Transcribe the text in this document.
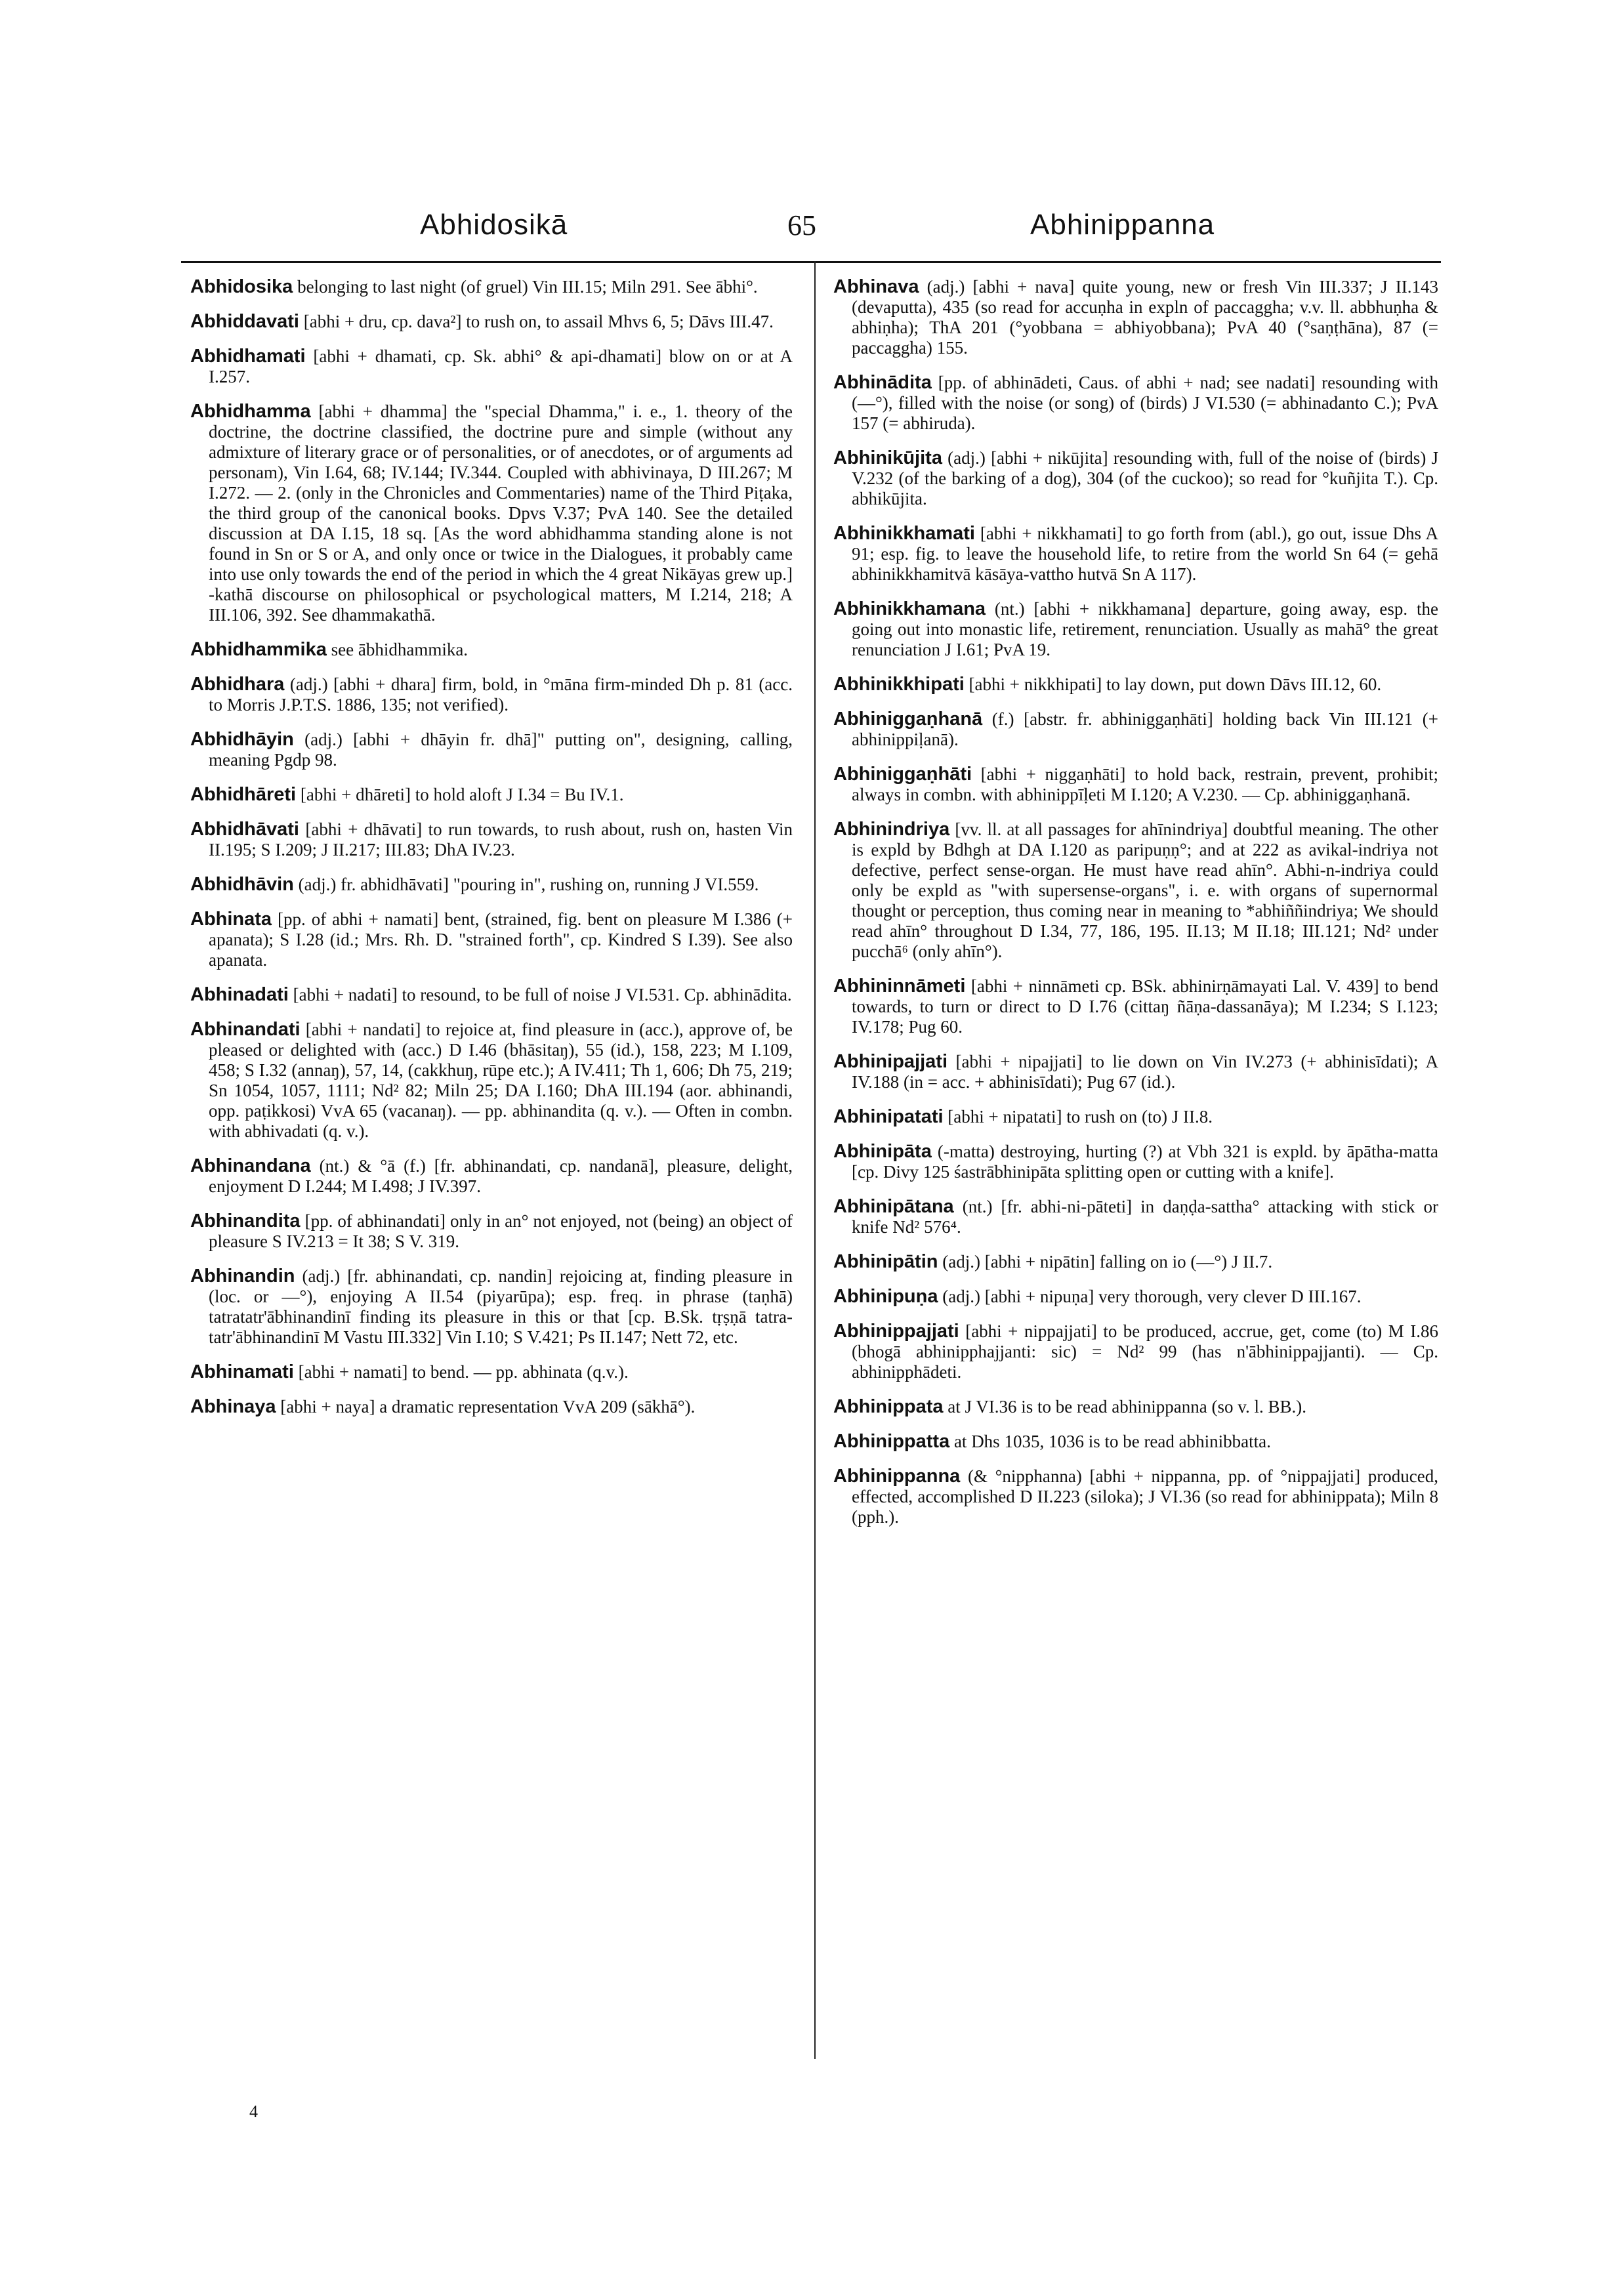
Abhidosikā	65	Abhinippanna

Abhidosika belonging to last night (of gruel) Vin III.15; Miln 291. See ābhi°.

Abhiddavati [abhi + dru, cp. dava²] to rush on, to assail Mhvs 6, 5; Dāvs III.47.

Abhidhamati [abhi + dhamati, cp. Sk. abhi° & api-dhamati] blow on or at A I.257.

Abhidhamma [abhi + dhamma] the "special Dhamma," i. e., 1. theory of the doctrine, the doctrine classified, the doctrine pure and simple (without any admixture of literary grace or of personalities, or of anecdotes, or of arguments ad personam), Vin I.64, 68; IV.144; IV.344. Coupled with abhivinaya, D III.267; M I.272. — 2. (only in the Chronicles and Commentaries) name of the Third Piṭaka, the third group of the canonical books. Dpvs V.37; PvA 140. See the detailed discussion at DA I.15, 18 sq. [As the word abhidhamma standing alone is not found in Sn or S or A, and only once or twice in the Dialogues, it probably came into use only towards the end of the period in which the 4 great Nikāyas grew up.] -kathā discourse on philosophical or psychological matters, M I.214, 218; A III.106, 392. See dhammakathā.

Abhidhammika see ābhidhammika.

Abhidhara (adj.) [abhi + dhara] firm, bold, in °māna firm-minded Dh p. 81 (acc. to Morris J.P.T.S. 1886, 135; not verified).

Abhidhāyin (adj.) [abhi + dhāyin fr. dhā]" putting on", designing, calling, meaning Pgdp 98.

Abhidhāreti [abhi + dhāreti] to hold aloft J I.34 = Bu IV.1.

Abhidhāvati [abhi + dhāvati] to run towards, to rush about, rush on, hasten Vin II.195; S I.209; J II.217; III.83; DhA IV.23.

Abhidhāvin (adj.) fr. abhidhāvati] "pouring in", rushing on, running J VI.559.

Abhinata [pp. of abhi + namati] bent, (strained, fig. bent on pleasure M I.386 (+ apanata); S I.28 (id.; Mrs. Rh. D. "strained forth", cp. Kindred S I.39). See also apanata.

Abhinadati [abhi + nadati] to resound, to be full of noise J VI.531. Cp. abhinādita.

Abhinandati [abhi + nandati] to rejoice at, find pleasure in (acc.), approve of, be pleased or delighted with (acc.) D I.46 (bhāsitaŋ), 55 (id.), 158, 223; M I.109, 458; S I.32 (annaŋ), 57, 14, (cakkhuŋ, rūpe etc.); A IV.411; Th 1, 606; Dh 75, 219; Sn 1054, 1057, 1111; Nd² 82; Miln 25; DA I.160; DhA III.194 (aor. abhinandi, opp. paṭikkosi) VvA 65 (vacanaŋ). — pp. abhinandita (q. v.). — Often in combn. with abhivadati (q. v.).

Abhinandana (nt.) & °ā (f.) [fr. abhinandati, cp. nandanā], pleasure, delight, enjoyment D I.244; M I.498; J IV.397.

Abhinandita [pp. of abhinandati] only in an° not enjoyed, not (being) an object of pleasure S IV.213 = It 38; S V. 319.

Abhinandin (adj.) [fr. abhinandati, cp. nandin] rejoicing at, finding pleasure in (loc. or —°), enjoying A II.54 (piyarūpa); esp. freq. in phrase (taṇhā) tatratatr'ābhinandinī finding its pleasure in this or that [cp. B.Sk. tṛṣṇā tatra-tatr'ābhinandinī M Vastu III.332] Vin I.10; S V.421; Ps II.147; Nett 72, etc.

Abhinamati [abhi + namati] to bend. — pp. abhinata (q.v.).

Abhinaya [abhi + naya] a dramatic representation VvA 209 (sākhā°).

Abhinava (adj.) [abhi + nava] quite young, new or fresh Vin III.337; J II.143 (devaputta), 435 (so read for accuṇha in expln of paccaggha; v.v. ll. abbhuṇha & abhiṇha); ThA 201 (°yobbana = abhiyobbana); PvA 40 (°saṇṭhāna), 87 (= paccaggha) 155.

Abhinādita [pp. of abhinādeti, Caus. of abhi + nad; see nadati] resounding with (—°), filled with the noise (or song) of (birds) J VI.530 (= abhinadanto C.); PvA 157 (= abhiruda).

Abhinikūjita (adj.) [abhi + nikūjita] resounding with, full of the noise of (birds) J V.232 (of the barking of a dog), 304 (of the cuckoo); so read for °kuñjita T.). Cp. abhikūjita.

Abhinikkhamati [abhi + nikkhamati] to go forth from (abl.), go out, issue Dhs A 91; esp. fig. to leave the household life, to retire from the world Sn 64 (= gehā abhinikkhamitvā kāsāya-vattho hutvā Sn A 117).

Abhinikkhamana (nt.) [abhi + nikkhamana] departure, going away, esp. the going out into monastic life, retirement, renunciation. Usually as mahā° the great renunciation J I.61; PvA 19.

Abhinikkhipati [abhi + nikkhipati] to lay down, put down Dāvs III.12, 60.

Abhiniggaṇhanā (f.) [abstr. fr. abhiniggaṇhāti] holding back Vin III.121 (+ abhinippiḷanā).

Abhiniggaṇhāti [abhi + niggaṇhāti] to hold back, restrain, prevent, prohibit; always in combn. with abhinippīḷeti M I.120; A V.230. — Cp. abhiniggaṇhanā.

Abhinindriya [vv. ll. at all passages for ahīnindriya] doubtful meaning. The other is expld by Bdhgh at DA I.120 as paripuṇṇ°; and at 222 as avikal-indriya not defective, perfect sense-organ. He must have read ahīn°. Abhi-n-indriya could only be expld as "with supersense-organs", i. e. with organs of supernormal thought or perception, thus coming near in meaning to *abhiññindriya; We should read ahīn° throughout D I.34, 77, 186, 195. II.13; M II.18; III.121; Nd² under pucchā⁶ (only ahīn°).

Abhininnāmeti [abhi + ninnāmeti cp. BSk. abhinirṇāmayati Lal. V. 439] to bend towards, to turn or direct to D I.76 (cittaŋ ñāṇa-dassanāya); M I.234; S I.123; IV.178; Pug 60.

Abhinipajjati [abhi + nipajjati] to lie down on Vin IV.273 (+ abhinisīdati); A IV.188 (in = acc. + abhinisīdati); Pug 67 (id.).

Abhinipatati [abhi + nipatati] to rush on (to) J II.8.

Abhinipāta (-matta) destroying, hurting (?) at Vbh 321 is expld. by āpātha-matta [cp. Divy 125 śastrābhinipāta splitting open or cutting with a knife].

Abhinipātana (nt.) [fr. abhi-ni-pāteti] in daṇḍa-sattha° attacking with stick or knife Nd² 576⁴.

Abhinipātin (adj.) [abhi + nipātin] falling on io (—°) J II.7.

Abhinipuṇa (adj.) [abhi + nipuṇa] very thorough, very clever D III.167.

Abhinippajjati [abhi + nippajjati] to be produced, accrue, get, come (to) M I.86 (bhogā abhinipphajjanti: sic) = Nd² 99 (has n'ābhinippajjanti). — Cp. abhinipphādeti.

Abhinippata at J VI.36 is to be read abhinippanna (so v. l. BB.).

Abhinippatta at Dhs 1035, 1036 is to be read abhinibbatta.

Abhinippanna (& °nipphanna) [abhi + nippanna, pp. of °nippajjati] produced, effected, accomplished D II.223 (siloka); J VI.36 (so read for abhinippata); Miln 8 (pph.).

4
